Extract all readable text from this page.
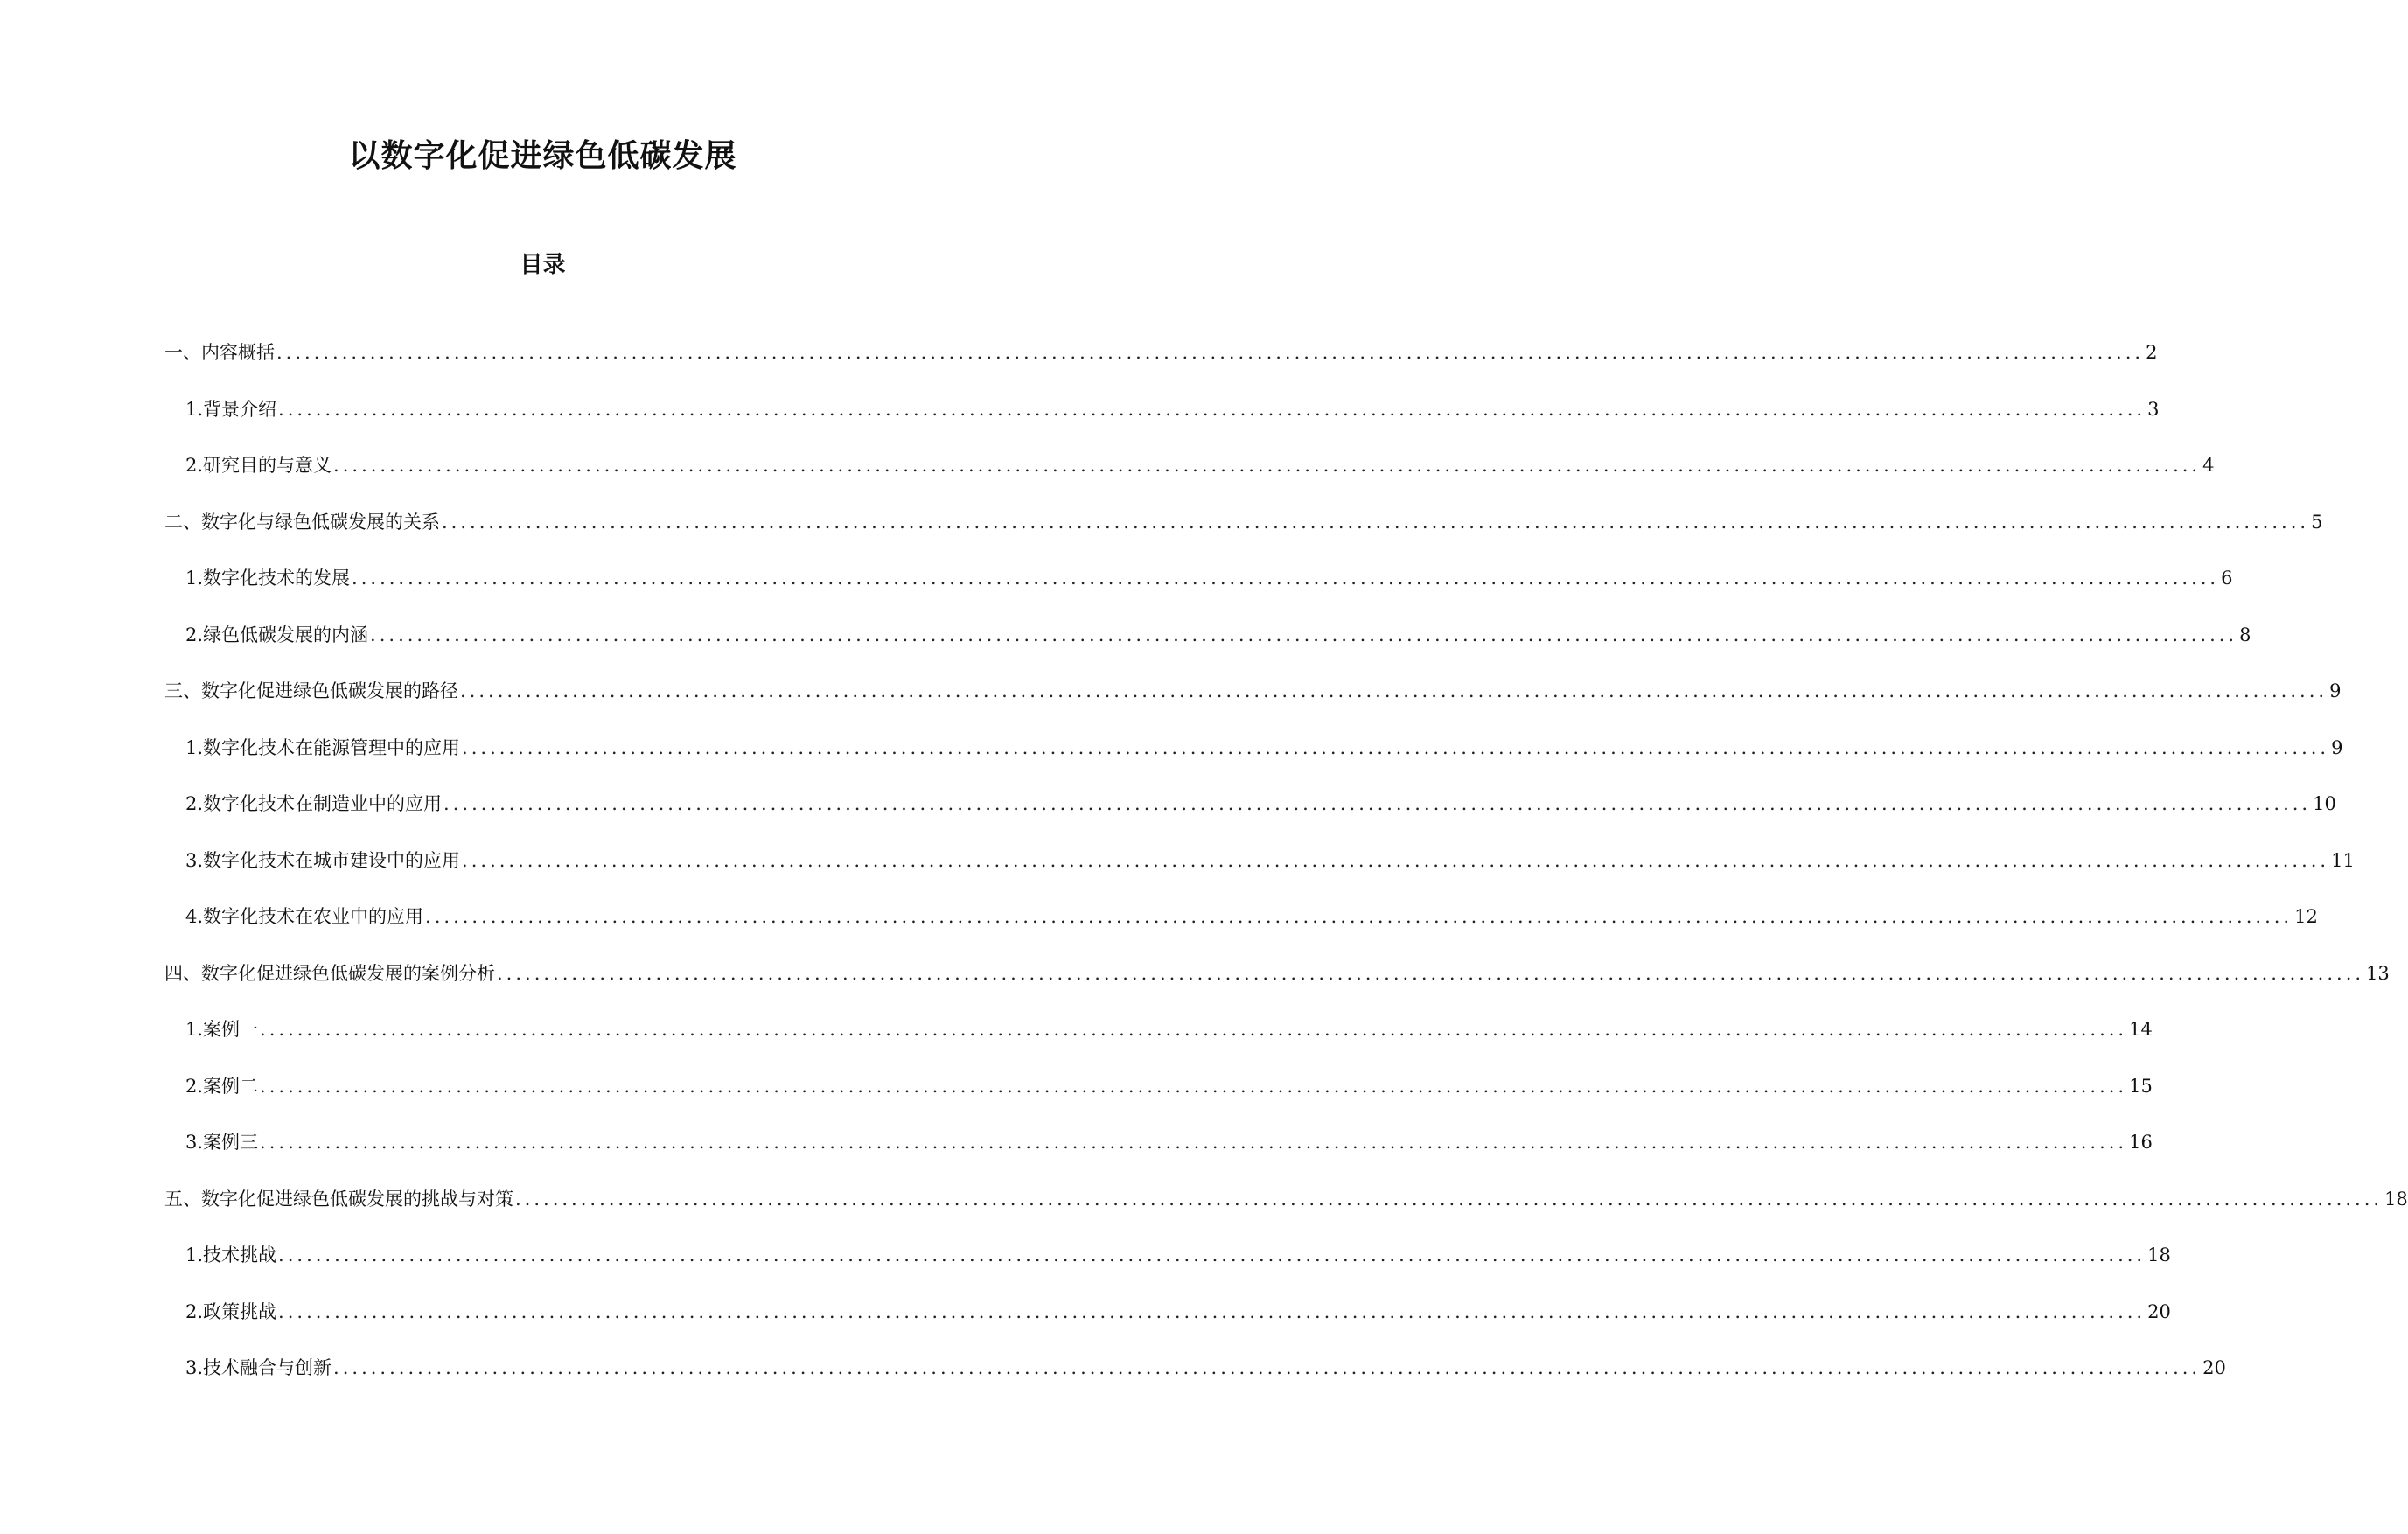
以数字化促进绿色低碳发展
目录
一、内容概括 ........................................................................................................................................................................................................ 2
1. 背景介绍 ........................................................................................................................................................................................................ 3
2. 研究目的与意义 ........................................................................................................................................................................................................ 4
二、数字化与绿色低碳发展的关系 ........................................................................................................................................................................................................ 5
1. 数字化技术的发展 ........................................................................................................................................................................................................ 6
2. 绿色低碳发展的内涵 ........................................................................................................................................................................................................ 8
三、数字化促进绿色低碳发展的路径 ........................................................................................................................................................................................................ 9
1. 数字化技术在能源管理中的应用 ........................................................................................................................................................................................................ 9
2. 数字化技术在制造业中的应用 ........................................................................................................................................................................................................ 10
3. 数字化技术在城市建设中的应用 ........................................................................................................................................................................................................ 11
4. 数字化技术在农业中的应用 ........................................................................................................................................................................................................ 12
四、数字化促进绿色低碳发展的案例分析 ........................................................................................................................................................................................................ 13
1. 案例一 ........................................................................................................................................................................................................ 14
2. 案例二 ........................................................................................................................................................................................................ 15
3. 案例三 ........................................................................................................................................................................................................ 16
五、数字化促进绿色低碳发展的挑战与对策 ........................................................................................................................................................................................................ 18
1. 技术挑战 ........................................................................................................................................................................................................ 18
2. 政策挑战 ........................................................................................................................................................................................................ 20
3. 技术融合与创新 ........................................................................................................................................................................................................ 20
